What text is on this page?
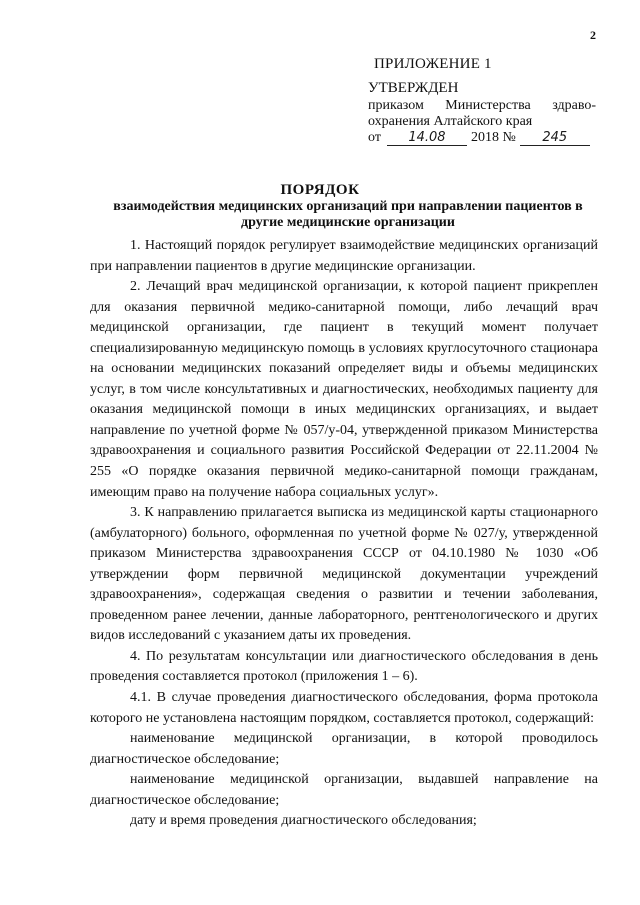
2
ПРИЛОЖЕНИЕ 1
УТВЕРЖДЕН
приказом Министерства здраво-
охранения Алтайского края
от	14.08	2018 №	245
ПОРЯДОК
взаимодействия медицинских организаций при направлении пациентов в другие медицинские организации

1. Настоящий порядок регулирует взаимодействие медицинских организаций при направлении пациентов в другие медицинские организации.

2. Лечащий врач медицинской организации, к которой пациент прикреплен для оказания первичной медико-санитарной помощи, либо лечащий врач медицинской организации, где пациент в текущий момент получает специализированную медицинскую помощь в условиях круглосуточного стационара на основании медицинских показаний определяет виды и объемы медицинских услуг, в том числе консультативных и диагностических, необходимых пациенту для оказания медицинской помощи в иных медицинских организациях, и выдает направление по учетной форме № 057/у-04, утвержденной приказом Министерства здравоохранения и социального развития Российской Федерации от 22.11.2004 № 255 «О порядке оказания первичной медико-санитарной помощи гражданам, имеющим право на получение набора социальных услуг».

3. К направлению прилагается выписка из медицинской карты стационарного (амбулаторного) больного, оформленная по учетной форме № 027/у, утвержденной приказом Министерства здравоохранения СССР от 04.10.1980 № 1030 «Об утверждении форм первичной медицинской документации учреждений здравоохранения», содержащая сведения о развитии и течении заболевания, проведенном ранее лечении, данные лабораторного, рентгенологического и других видов исследований с указанием даты их проведения.

4. По результатам консультации или диагностического обследования в день проведения составляется протокол (приложения 1 – 6).

4.1. В случае проведения диагностического обследования, форма протокола которого не установлена настоящим порядком, составляется протокол, содержащий:

наименование медицинской организации, в которой проводилось диагностическое обследование;

наименование медицинской организации, выдавшей направление на диагностическое обследование;

дату и время проведения диагностического обследования;
